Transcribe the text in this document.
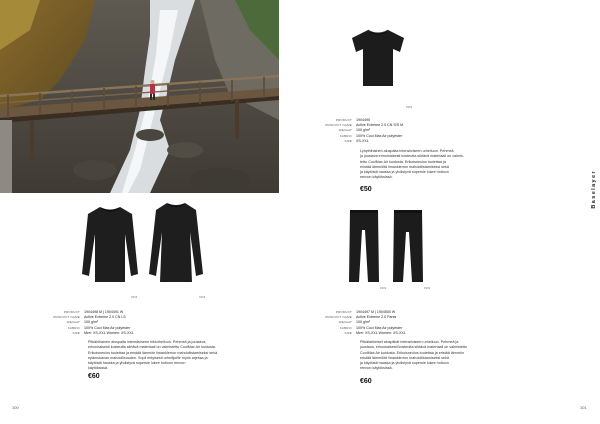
9999
PRODUCT	1904495
PRODUCT NAME	Active Extreme 2.0 CN S/S M
WEIGHT	100 g/m²
FABRIC	100% Cool Max Air polyester
SIZE	XS-XXL
Lyhythihainen aluspaita intensiiviseen urheiluun. Pehmeä
ja joustava erinomaisesti kosteutta siirtävä materiaali on valmis-
tettu CoolMax Air kuidusta. Erikoisneulos tuulettaa ja
eristää lämmöltä ilmankierron mahdollistamiseksi sekä
ja käytöstä hauska ja yhdistyvä supersie lukee hoitoon
rennon käytöksissä.
€50	Baselayer
9999	9999
PRODUCT	1904498 M | 1904491 W
PRODUCT NAME	Active Extreme 2.0 CN LS
WEIGHT	100 g/m²
FABRIC	100% Cool Max Air polyester
SIZE	Men: XS-XXL Women: XS-XXL
Pitkähihainen aluspaita intensiiviseen hikiurheiluun. Pehmeä ja joustava,
erinomaisesti kosteutta siirtävä materiaali on valmistettu CoolMax Air kuidusta.
Erikoisneulos tuulettaa ja eristää lämmön ilmankierron mahdollistamiseksi sekä
epämukavan mahdollisuuden. Sopii erityisesti urheilijoille myös arjessa ja
käytöstä hauska ja yhdistyvä supersie lukee hoitoon rennon
käytöksissä.
€60
9999	9999
PRODUCT	1904497 M | 1904500 W
PRODUCT NAME	Active Extreme 2.0 Pants
WEIGHT	100 g/m²
FABRIC	100% Cool Max Air polyester
SIZE	Men: XS-XXL Women: XS-XXL
Pitkälahkeiset aluspitkät intensiiviseen urheiluun. Pehmeä ja
joustava, erinomaisesti kosteutta siirtävä materiaali on valmistettu
CoolMax Air kuidusta. Erikoisneulos tuulettaa ja eristää lämmön
eristää lämmöltä ilmankierron mahdollistamiseksi sekä
ja käytöstä hauska ja yhdistyvä supersie lukee hoitoon
rennon käytöksissä.
€60
100	101
